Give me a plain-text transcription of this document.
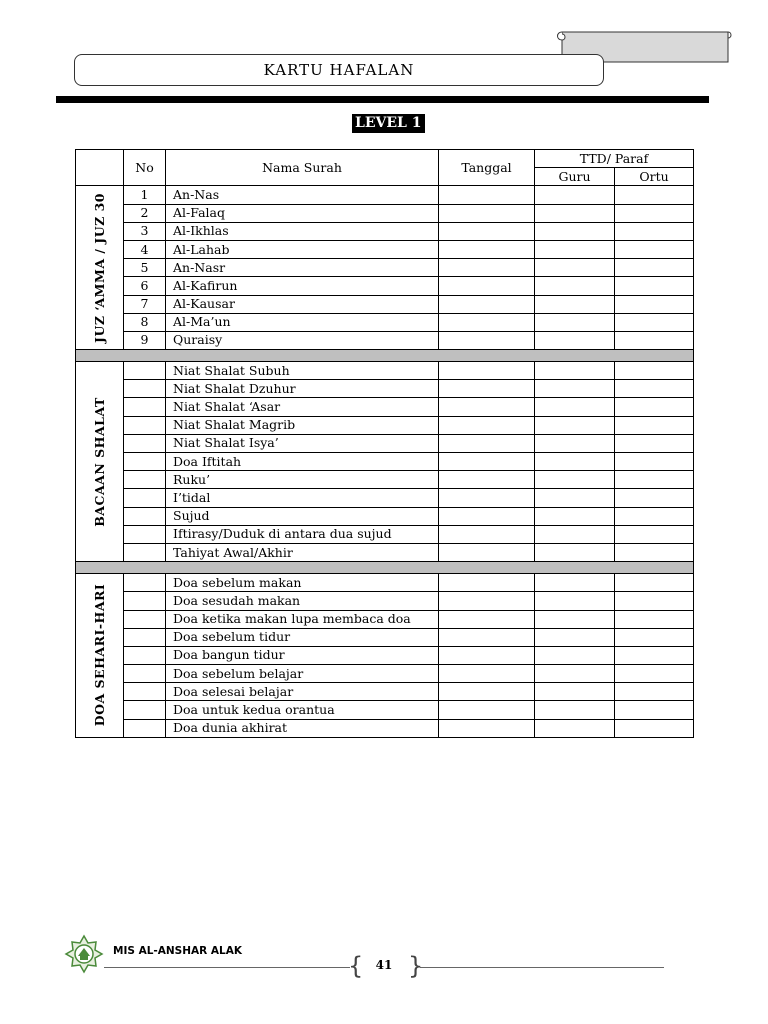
KARTU HAFALAN
LEVEL 1
	No	Nama Surah	Tanggal	TTD/ Paraf	
				Guru	Ortu

JUZ ‘AMMA / JUZ 30	1	An-Nas			
	2	Al-Falaq			
	3	Al-Ikhlas			
	4	Al-Lahab			
	5	An-Nasr			
	6	Al-Kafirun			
	7	Al-Kausar			
	8	Al-Ma’un			
	9	Quraisy			

BACAAN SHALAT		Niat Shalat Subuh			
		Niat Shalat Dzuhur			
		Niat Shalat ‘Asar			
		Niat Shalat Magrib			
		Niat Shalat Isya’			
		Doa Iftitah			
		Ruku’			
		I’tidal			
		Sujud			
		Iftirasy/Duduk di antara dua sujud			
		Tahiyat Awal/Akhir			

DOA SEHARI-HARI		Doa sebelum makan			
		Doa sesudah makan			
		Doa ketika makan lupa membaca doa			
		Doa sebelum tidur			
		Doa bangun tidur			
		Doa sebelum belajar			
		Doa selesai belajar			
		Doa untuk kedua orantua			
		Doa dunia akhirat			
MIS AL-ANSHAR ALAK
{	41 }
